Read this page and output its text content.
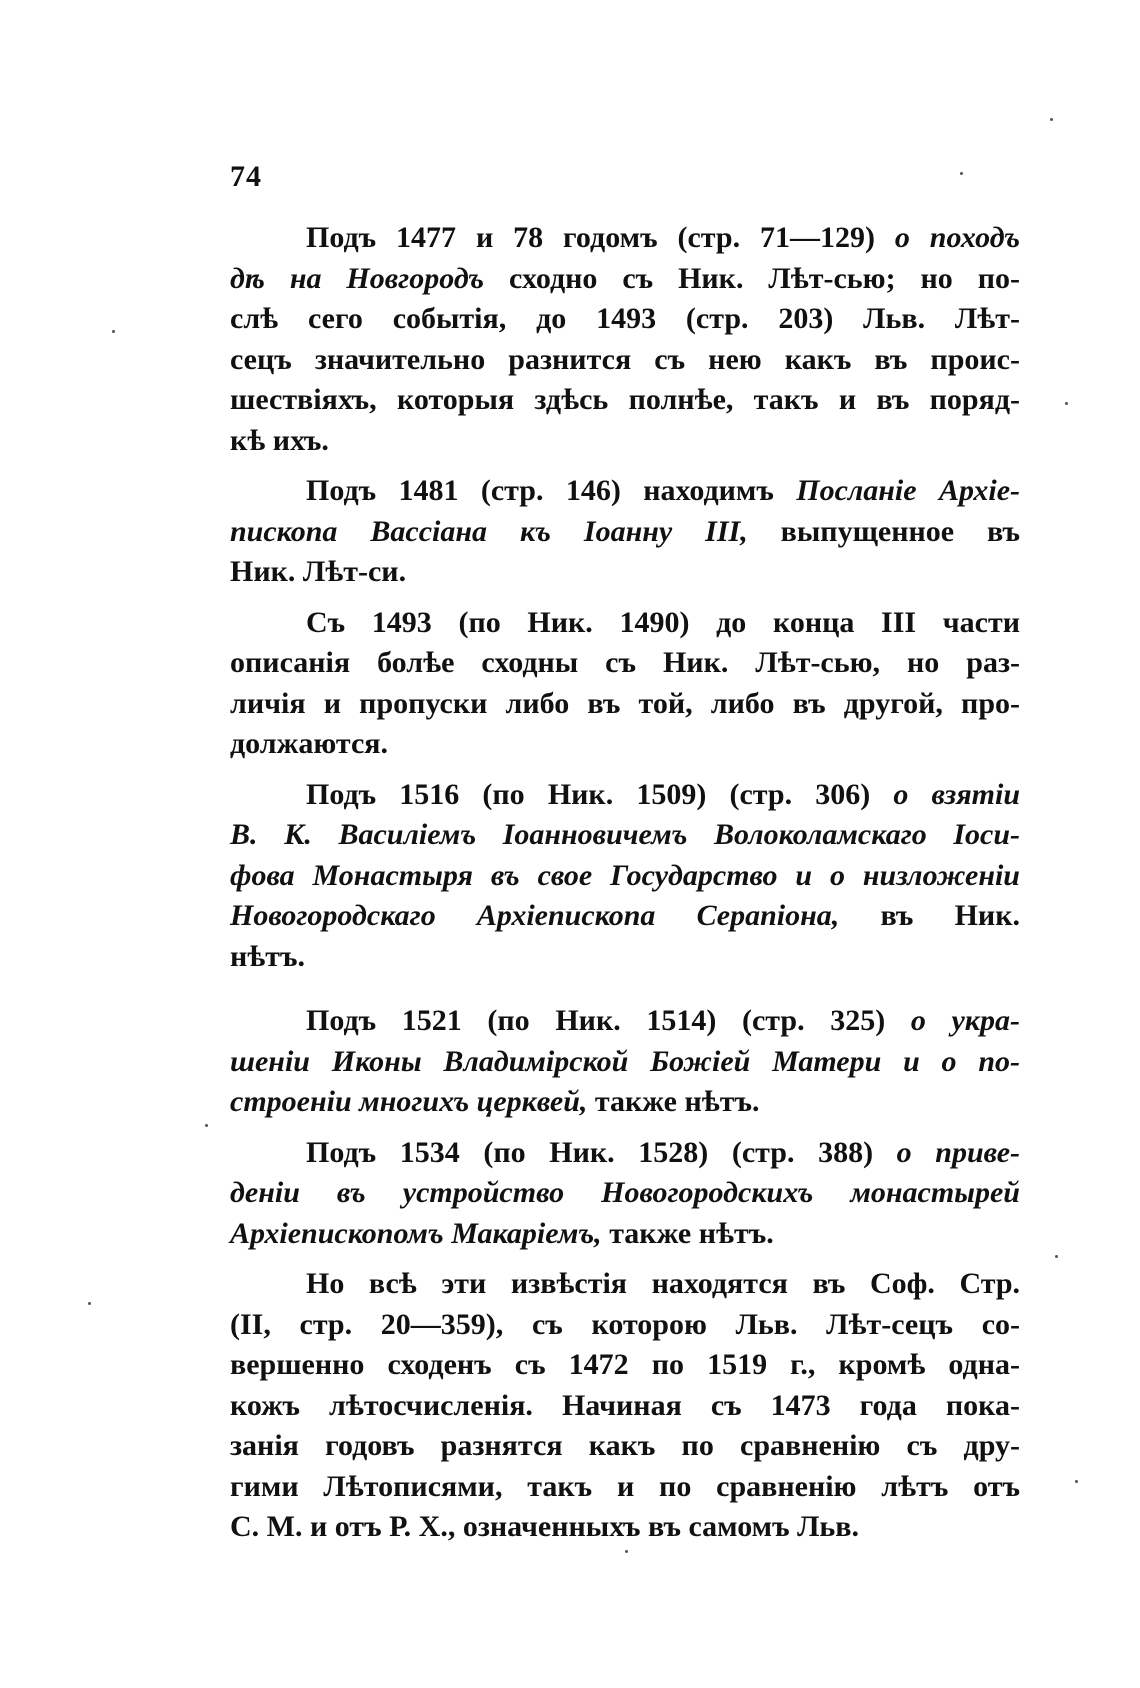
74
Подъ 1477 и 78 годомъ (стр. 71—129) о походъ
дѣ на Новгородъ сходно съ Ник. Лѣт-сью; но по-
слѣ сего событія, до 1493 (стр. 203) Льв. Лѣт-
сецъ значительно разнится съ нею какъ въ проис-
шествіяхъ, которыя здѣсь полнѣе, такъ и въ поряд-
кѣ ихъ.
Подъ 1481 (стр. 146) находимъ Посланіе Архіе-
пископа Вассіана къ Іоанну III, выпущенное въ
Ник. Лѣт-си.
Съ 1493 (по Ник. 1490) до конца III части
описанія болѣе сходны съ Ник. Лѣт-сью, но раз-
личія и пропуски либо въ той, либо въ другой, про-
должаются.
Подъ 1516 (по Ник. 1509) (стр. 306) о взятіи
В. К. Василіемъ Іоанновичемъ Волоколамскаго Іоси-
фова Монастыря въ свое Государство и о низложеніи
Новогородскаго Архіепископа Серапіона, въ Ник.
нѣтъ.
Подъ 1521 (по Ник. 1514) (стр. 325) о укра-
шеніи Иконы Владимірской Божіей Матери и о по-
строеніи многихъ церквей, также нѣтъ.
Подъ 1534 (по Ник. 1528) (стр. 388) о приве-
деніи въ устройство Новогородскихъ монастырей
Архіепископомъ Макаріемъ, также нѣтъ.
Но всѣ эти извѣстія находятся въ Соф. Стр.
(II, стр. 20—359), съ которою Льв. Лѣт-сецъ со-
вершенно сходенъ съ 1472 по 1519 г., кромѣ одна-
кожъ лѣтосчисленія. Начиная съ 1473 года пока-
занія годовъ разнятся какъ по сравненію съ дру-
гими Лѣтописями, такъ и по сравненію лѣтъ отъ
С. М. и отъ Р. Х., означенныхъ въ самомъ Льв.
